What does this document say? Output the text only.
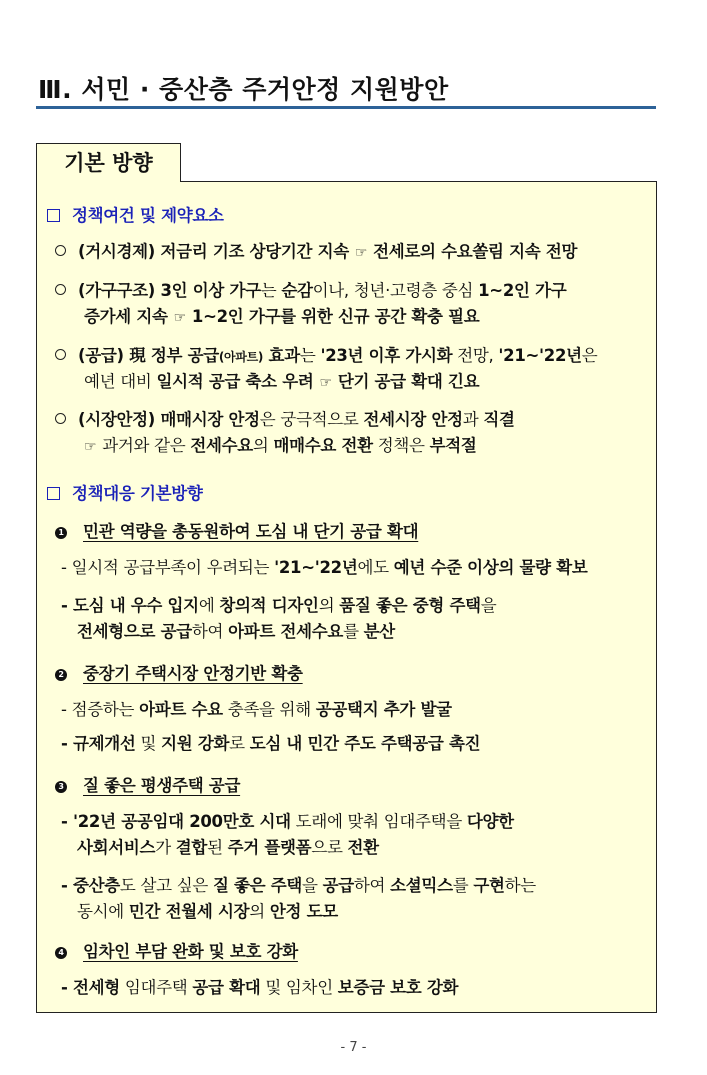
Ⅲ. 서민 · 중산층 주거안정 지원방안
기본 방향
정책여건 및 제약요소
(거시경제) 저금리 기조 상당기간 지속 ☞ 전세로의 수요쏠림 지속 전망
(가구구조) 3인 이상 가구는 순감이나, 청년·고령층 중심 1~2인 가구
증가세 지속 ☞ 1~2인 가구를 위한 신규 공간 확충 필요
(공급) 現 정부 공급(아파트) 효과는 '23년 이후 가시화 전망, '21~'22년은
예년 대비 일시적 공급 축소 우려 ☞ 단기 공급 확대 긴요
(시장안정) 매매시장 안정은 궁극적으로 전세시장 안정과 직결
☞ 과거와 같은 전세수요의 매매수요 전환 정책은 부적절
정책대응 기본방향
1 민관 역량을 총동원하여 도심 내 단기 공급 확대
- 일시적 공급부족이 우려되는 '21~'22년에도 예년 수준 이상의 물량 확보
- 도심 내 우수 입지에 창의적 디자인의 품질 좋은 중형 주택을
전세형으로 공급하여 아파트 전세수요를 분산
2 중장기 주택시장 안정기반 확충
- 점증하는 아파트 수요 충족을 위해 공공택지 추가 발굴
- 규제개선 및 지원 강화로 도심 내 민간 주도 주택공급 촉진
3 질 좋은 평생주택 공급
- '22년 공공임대 200만호 시대 도래에 맞춰 임대주택을 다양한
사회서비스가 결합된 주거 플랫폼으로 전환
- 중산층도 살고 싶은 질 좋은 주택을 공급하여 소셜믹스를 구현하는
동시에 민간 전월세 시장의 안정 도모
4 임차인 부담 완화 및 보호 강화
- 전세형 임대주택 공급 확대 및 임차인 보증금 보호 강화
- 7 -
